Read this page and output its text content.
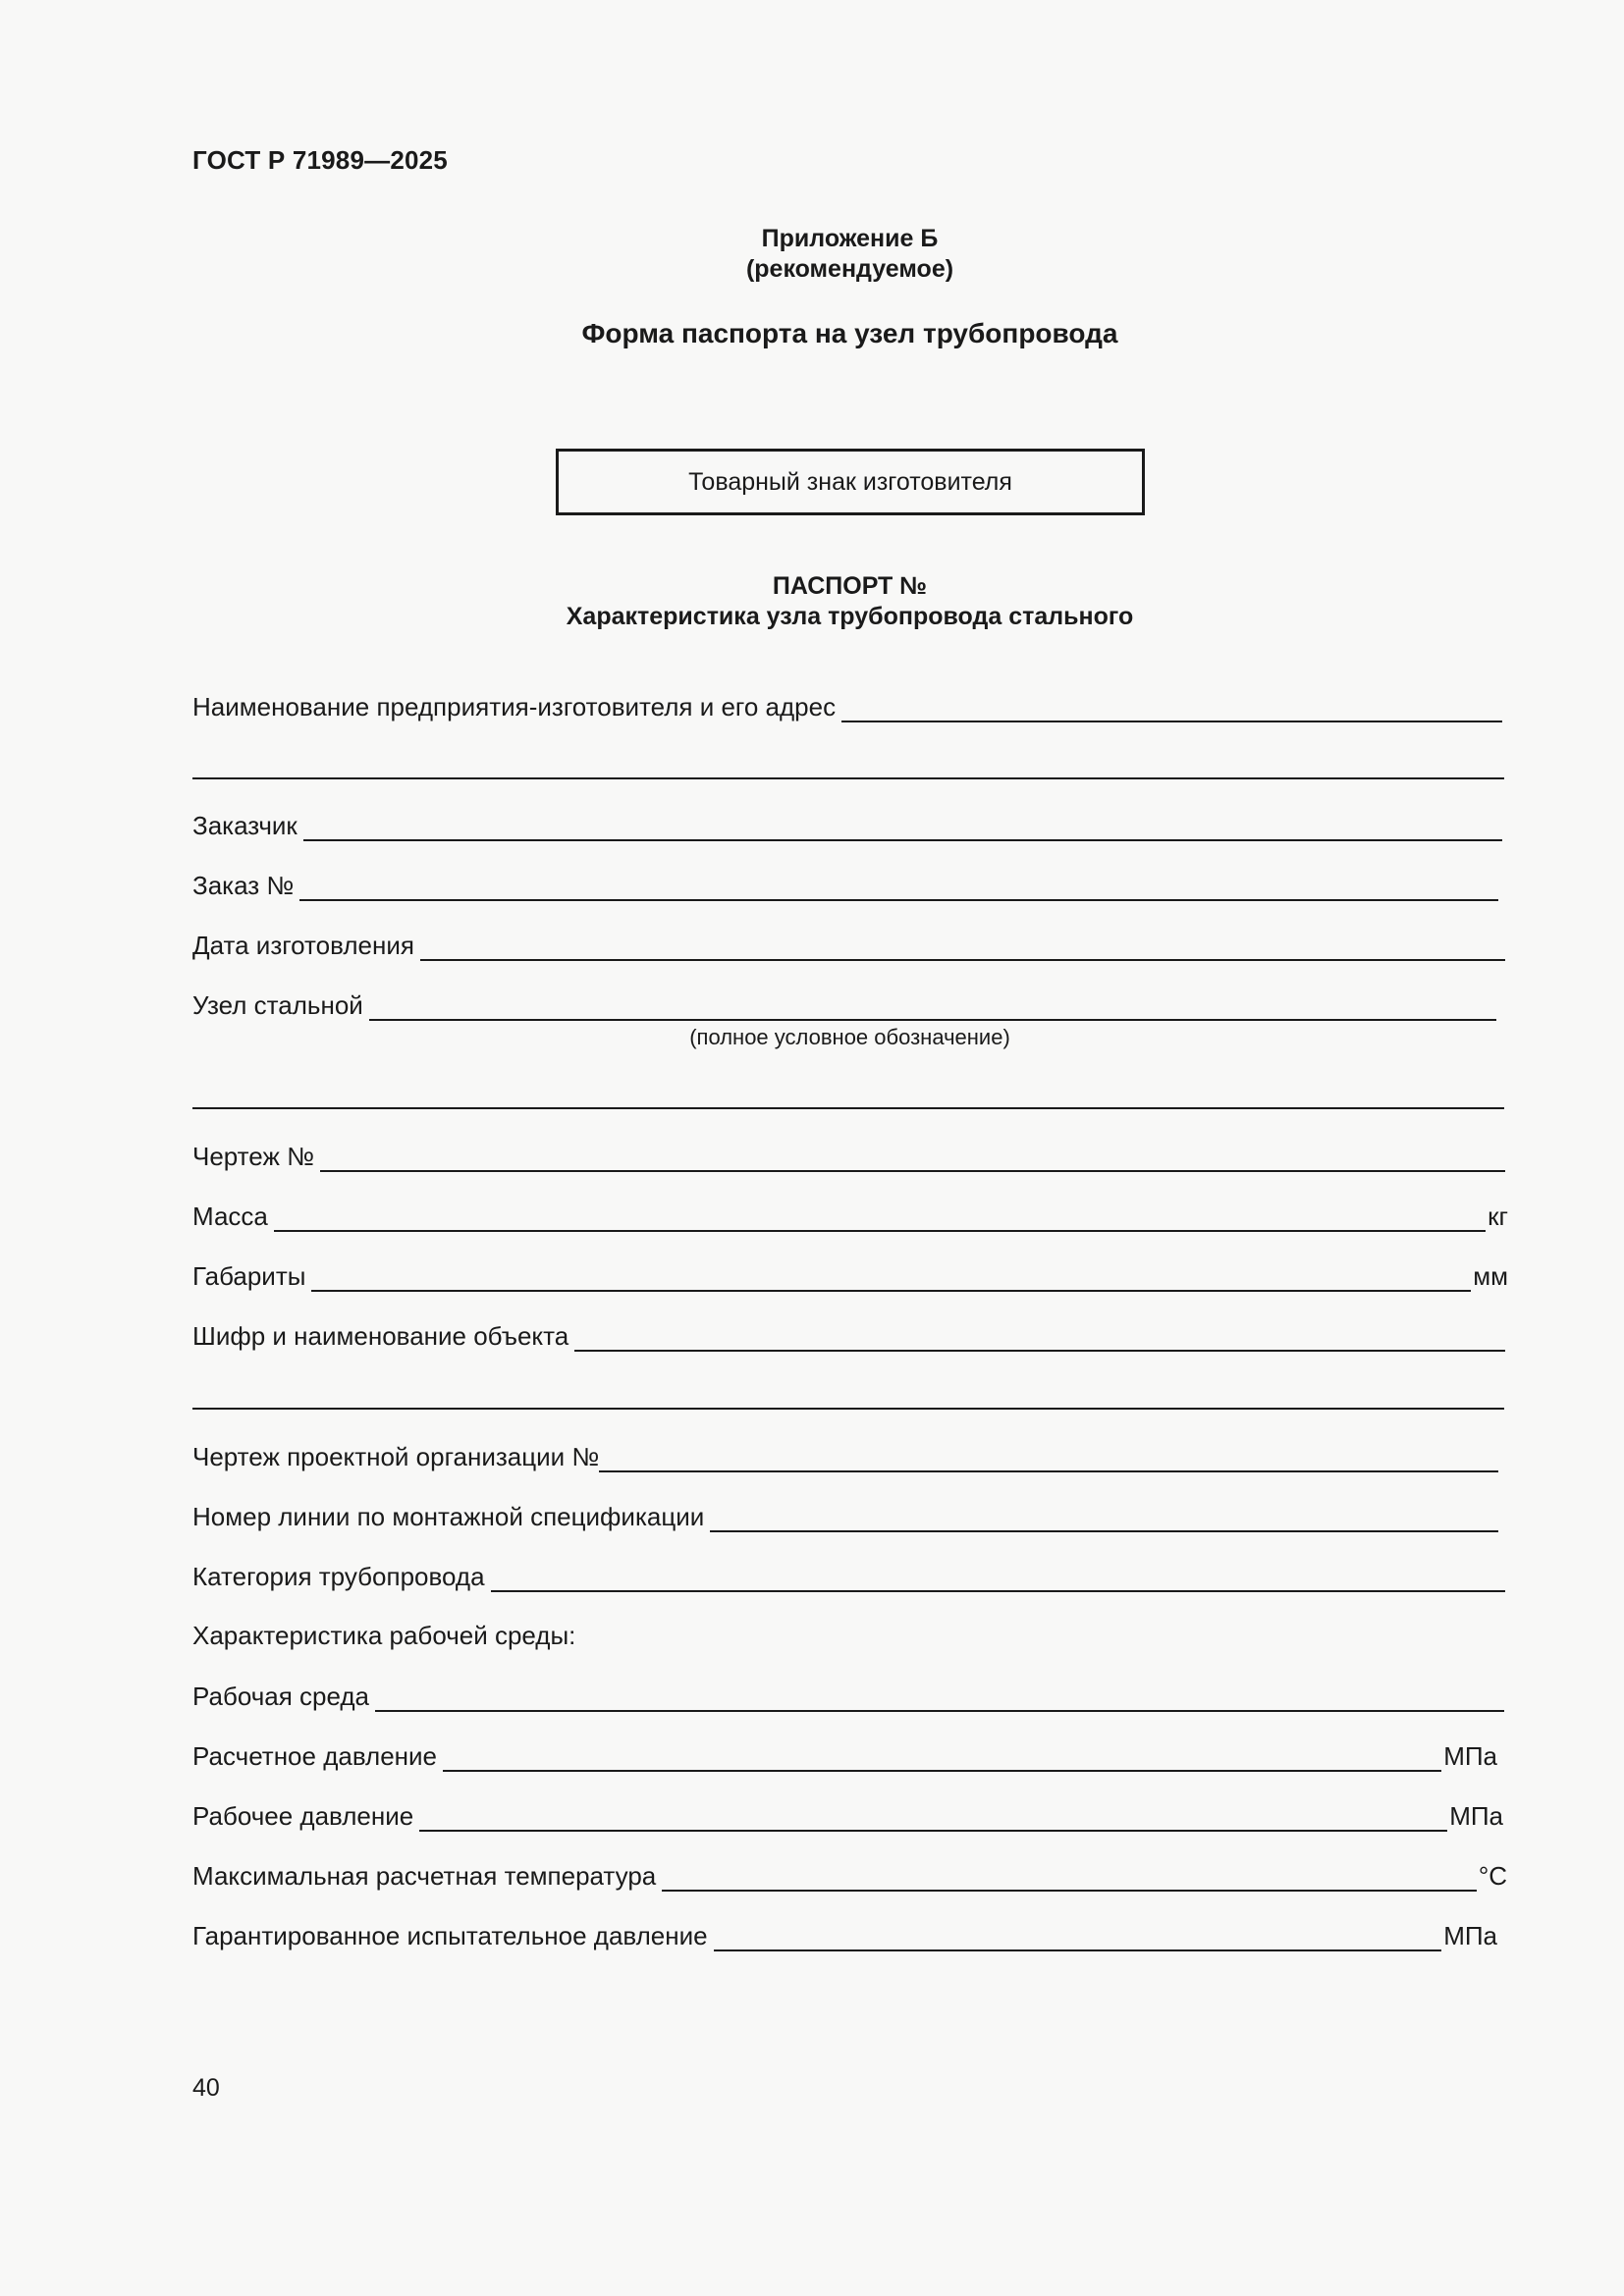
ГОСТ Р 71989—2025
Приложение Б
(рекомендуемое)
Форма паспорта на узел трубопровода
Товарный знак изготовителя
ПАСПОРТ №
Характеристика узла трубопровода стального
Наименование предприятия-изготовителя и его адрес
Заказчик
Заказ №
Дата изготовления
Узел стальной
(полное условное обозначение)
Чертеж №
Масса	кг
Габариты	мм
Шифр и наименование объекта
Чертеж проектной организации №
Номер линии по монтажной спецификации
Категория трубопровода
Характеристика рабочей среды:
Рабочая среда
Расчетное давление	МПа
Рабочее давление	МПа
Максимальная расчетная температура	°С
Гарантированное испытательное давление	МПа
40
